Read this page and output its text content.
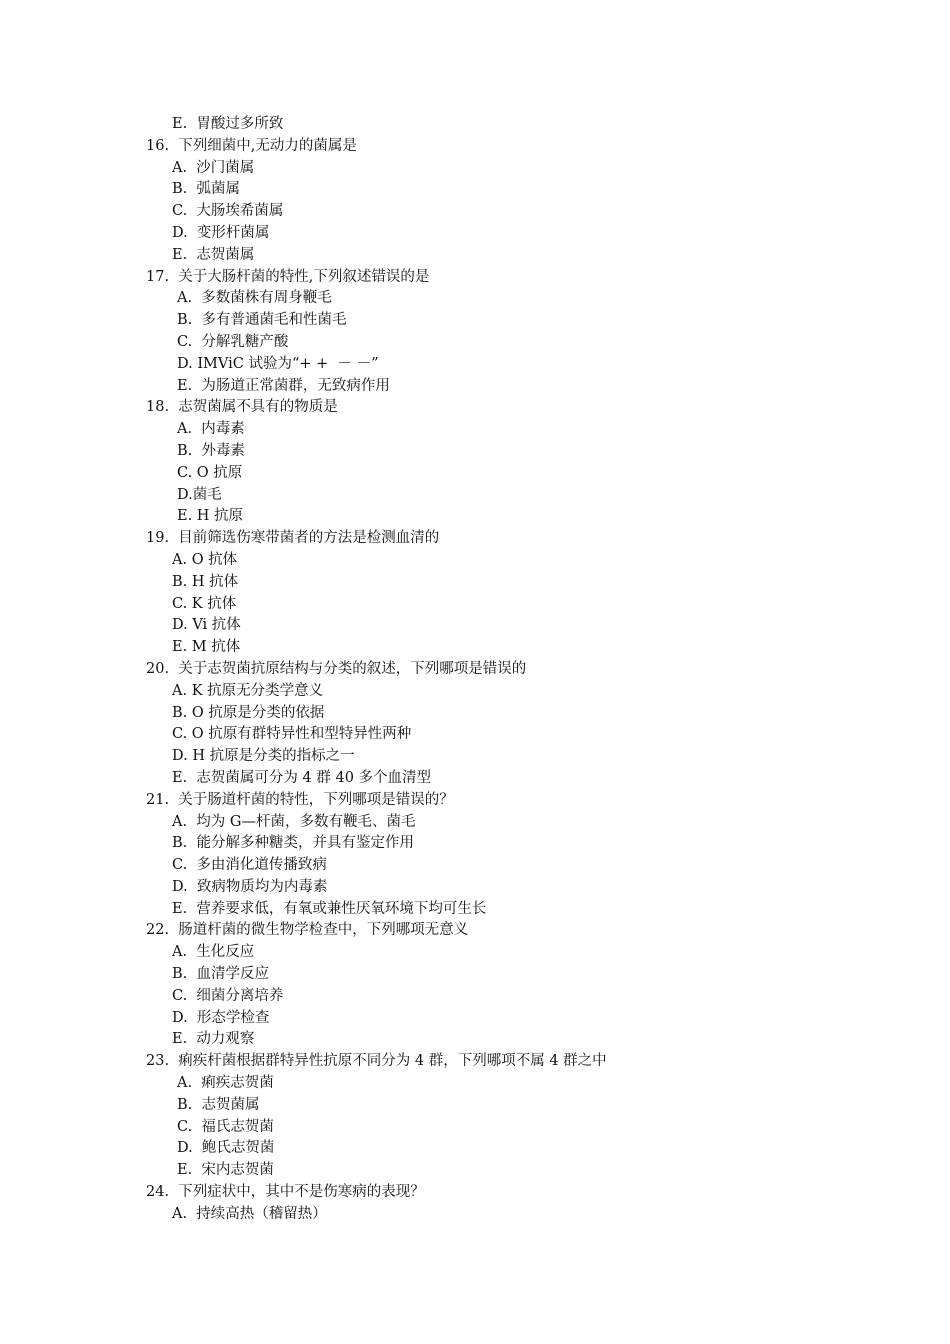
E.  胃酸过多所致
16.  下列细菌中,无动力的菌属是
A.  沙门菌属
B.  弧菌属
C.  大肠埃希菌属
D.  变形杆菌属
E.  志贺菌属
17.  关于大肠杆菌的特性,下列叙述错误的是
A.  多数菌株有周身鞭毛
B.  多有普通菌毛和性菌毛
C.  分解乳糖产酸
D. IMViC 试验为“+ +  － －”
E.  为肠道正常菌群，无致病作用
18.  志贺菌属不具有的物质是
A.  内毒素
B.  外毒素
C. O 抗原
D.菌毛
E. H 抗原
19.  目前筛选伤寒带菌者的方法是检测血清的
A. O 抗体
B. H 抗体
C. K 抗体
D. Vi 抗体
E. M 抗体
20.  关于志贺菌抗原结构与分类的叙述，下列哪项是错误的
A. K 抗原无分类学意义
B. O 抗原是分类的依据
C. O 抗原有群特异性和型特异性两种
D. H 抗原是分类的指标之一
E.  志贺菌属可分为 4 群 40 多个血清型
21.  关于肠道杆菌的特性，下列哪项是错误的？
A.  均为 G—杆菌，多数有鞭毛、菌毛
B.  能分解多种糖类，并具有鉴定作用
C.  多由消化道传播致病
D.  致病物质均为内毒素
E.  营养要求低，有氧或兼性厌氧环境下均可生长
22.  肠道杆菌的微生物学检查中，下列哪项无意义
A.  生化反应
B.  血清学反应
C.  细菌分离培养
D.  形态学检查
E.  动力观察
23.  痢疾杆菌根据群特异性抗原不同分为 4 群，下列哪项不属 4 群之中
A.  痢疾志贺菌
B.  志贺菌属
C.  福氏志贺菌
D.  鲍氏志贺菌
E.  宋内志贺菌
24.  下列症状中，其中不是伤寒病的表现？
A.  持续高热（稽留热）
